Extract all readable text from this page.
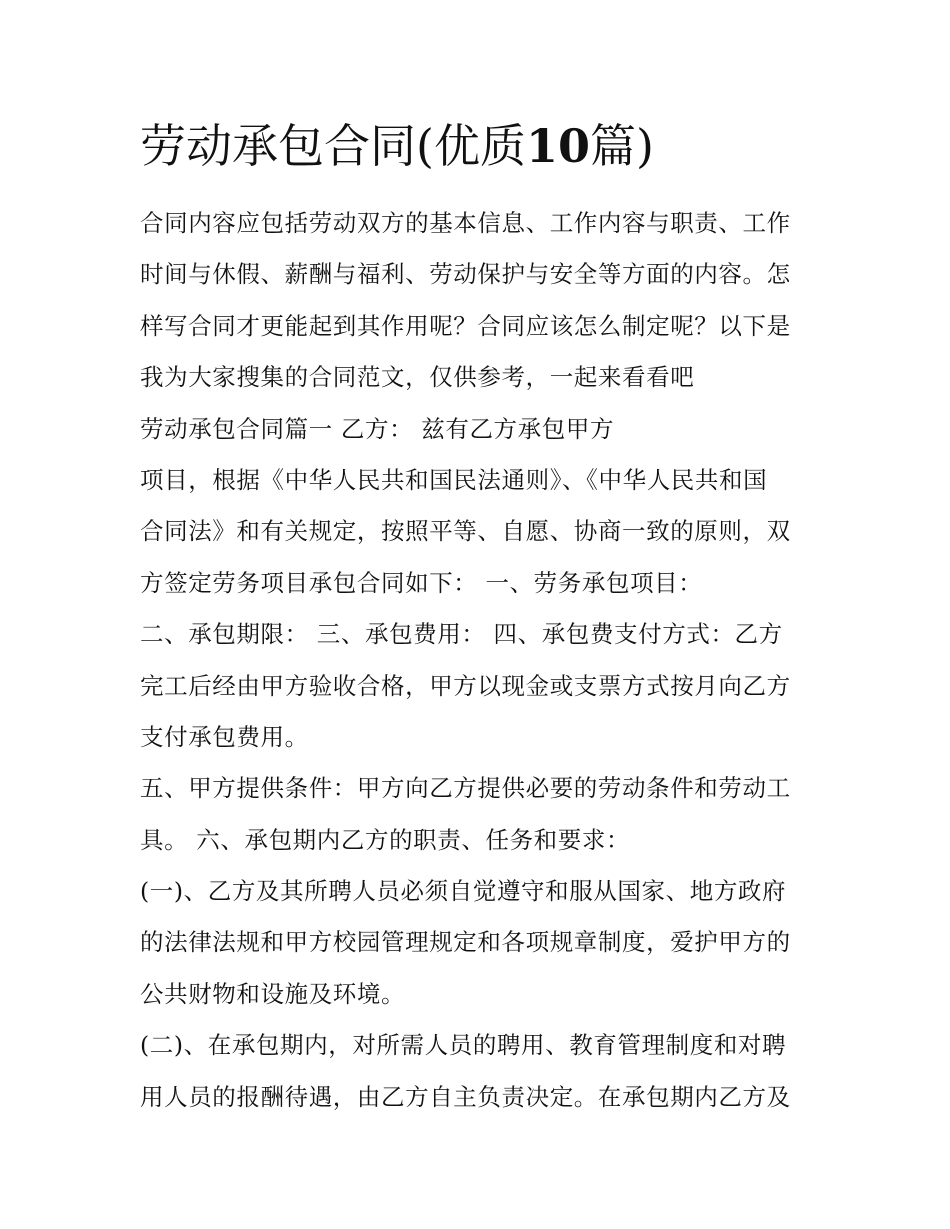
劳动承包合同(优质10篇)
合同内容应包括劳动双方的基本信息、工作内容与职责、工作
时间与休假、薪酬与福利、劳动保护与安全等方面的内容。怎
样写合同才更能起到其作用呢？合同应该怎么制定呢？以下是
我为大家搜集的合同范文，仅供参考，一起来看看吧
劳动承包合同篇一 乙方： 兹有乙方承包甲方
项目，根据《中华人民共和国民法通则》、《中华人民共和国
合同法》和有关规定，按照平等、自愿、协商一致的原则，双
方签定劳务项目承包合同如下： 一、劳务承包项目：
二、承包期限： 三、承包费用： 四、承包费支付方式：乙方
完工后经由甲方验收合格，甲方以现金或支票方式按月向乙方
支付承包费用。
五、甲方提供条件：甲方向乙方提供必要的劳动条件和劳动工
具。 六、承包期内乙方的职责、任务和要求：
(一)、乙方及其所聘人员必须自觉遵守和服从国家、地方政府
的法律法规和甲方校园管理规定和各项规章制度，爱护甲方的
公共财物和设施及环境。
(二)、在承包期内，对所需人员的聘用、教育管理制度和对聘
用人员的报酬待遇，由乙方自主负责决定。在承包期内乙方及
